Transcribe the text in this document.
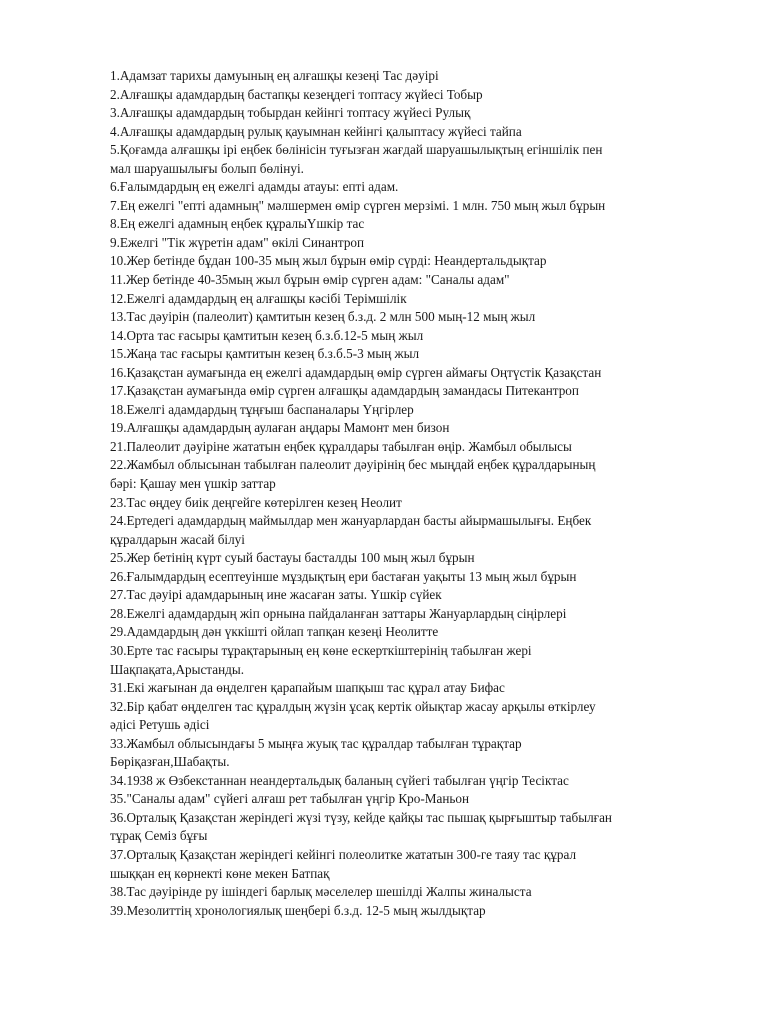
1.Адамзат тарихы дамуының ең алғашқы кезеңі Тас дәуірі
2.Алғашқы адамдардың бастапқы кезеңдегі топтасу жүйесі Тобыр
3.Алғашқы адамдардың тобырдан кейінгі топтасу жүйесі Рулық
4.Алғашқы адамдардың рулық қауымнан кейінгі қалыптасу жүйесі тайпа
5.Қоғамда алғашқы ірі еңбек бөлінісін туғызған жағдай шаруашылықтың егіншілік пен
мал шаруашылығы болып бөлінуі.
6.Ғалымдардың ең ежелгі адамды атауы: епті адам.
7.Ең ежелгі "епті адамның" мәлшермен өмір сүрген мерзімі. 1 млн. 750 мың жыл бұрын
8.Ең ежелгі адамның еңбек құралыҮшкір тас
9.Ежелгі "Тік жүретін адам" өкілі Синантроп
10.Жер бетінде бұдан 100-35 мың жыл бұрын өмір сүрді: Неандертальдықтар
11.Жер бетінде 40-35мың жыл бұрын өмір сүрген адам: "Саналы адам"
12.Ежелгі адамдардың ең алғашқы кәсібі Терімшілік
13.Тас дәуірін (палеолит) қамтитын кезең б.з.д. 2 млн 500 мың-12 мың жыл
14.Орта тас ғасыры қамтитын кезең б.з.б.12-5 мың жыл
15.Жаңа тас ғасыры қамтитын кезең б.з.б.5-3 мың жыл
16.Қазақстан аумағында ең ежелгі адамдардың өмір сүрген аймағы Оңтүстік Қазақстан
17.Қазақстан аумағында өмір сүрген алғашқы адамдардың замандасы Питекантроп
18.Ежелгі адамдардың тұңғыш баспаналары Үңгірлер
19.Алғашқы адамдардың аулаған аңдары Мамонт мен бизон
21.Палеолит дәуіріне жататын еңбек құралдары табылған өңір. Жамбыл обылысы
22.Жамбыл облысынан табылған палеолит дәуірінің бес мыңдай еңбек құралдарының
бәрі: Қашау мен үшкір заттар
23.Тас өңдеу биік деңгейге көтерілген кезең Неолит
24.Ертедегі адамдардың маймылдар мен жануарлардан басты айырмашылығы. Еңбек
құралдарын жасай білуі
25.Жер бетінің күрт суый бастауы басталды 100 мың жыл бұрын
26.Ғалымдардың есептеуінше мұздықтың ери бастаған уақыты 13 мың жыл бұрын
27.Тас дәуірі адамдарының ине жасаған заты. Үшкір сүйек
28.Ежелгі адамдардың жіп орнына пайдаланған заттары Жануарлардың сіңірлері
29.Адамдардың дән үккішті ойлап тапқан кезеңі Неолитте
30.Ерте тас ғасыры тұрақтарының ең көне ескерткіштерінің табылған жері
Шақпақата,Арыстанды.
31.Екі жағынан да өңделген қарапайым шапқыш тас құрал атау Бифас
32.Бір қабат өңделген тас құралдың жүзін ұсақ кертік ойықтар жасау арқылы өткірлеу
әдісі Ретушь әдісі
33.Жамбыл облысындағы 5 мыңға жуық тас құралдар табылған тұрақтар
Бөріқазған,Шабақты.
34.1938 ж Өзбекстаннан неандертальдық баланың сүйегі табылған үңгір Тесіктас
35."Саналы адам" сүйегі алғаш рет табылған үңгір Кро-Маньон
36.Орталық Қазақстан жеріндегі жүзі түзу, кейде қайқы тас пышақ қырғыштыр табылған
тұрақ Семіз бұғы
37.Орталық Қазақстан жеріндегі кейінгі полеолитке жататын 300-ге таяу тас құрал
шыққан ең көрнекті көне мекен Батпақ
38.Тас дәуірінде ру ішіндегі барлық мәселелер шешілді Жалпы жиналыста
39.Мезолиттің хронологиялық шеңбері б.з.д. 12-5 мың жылдықтар
